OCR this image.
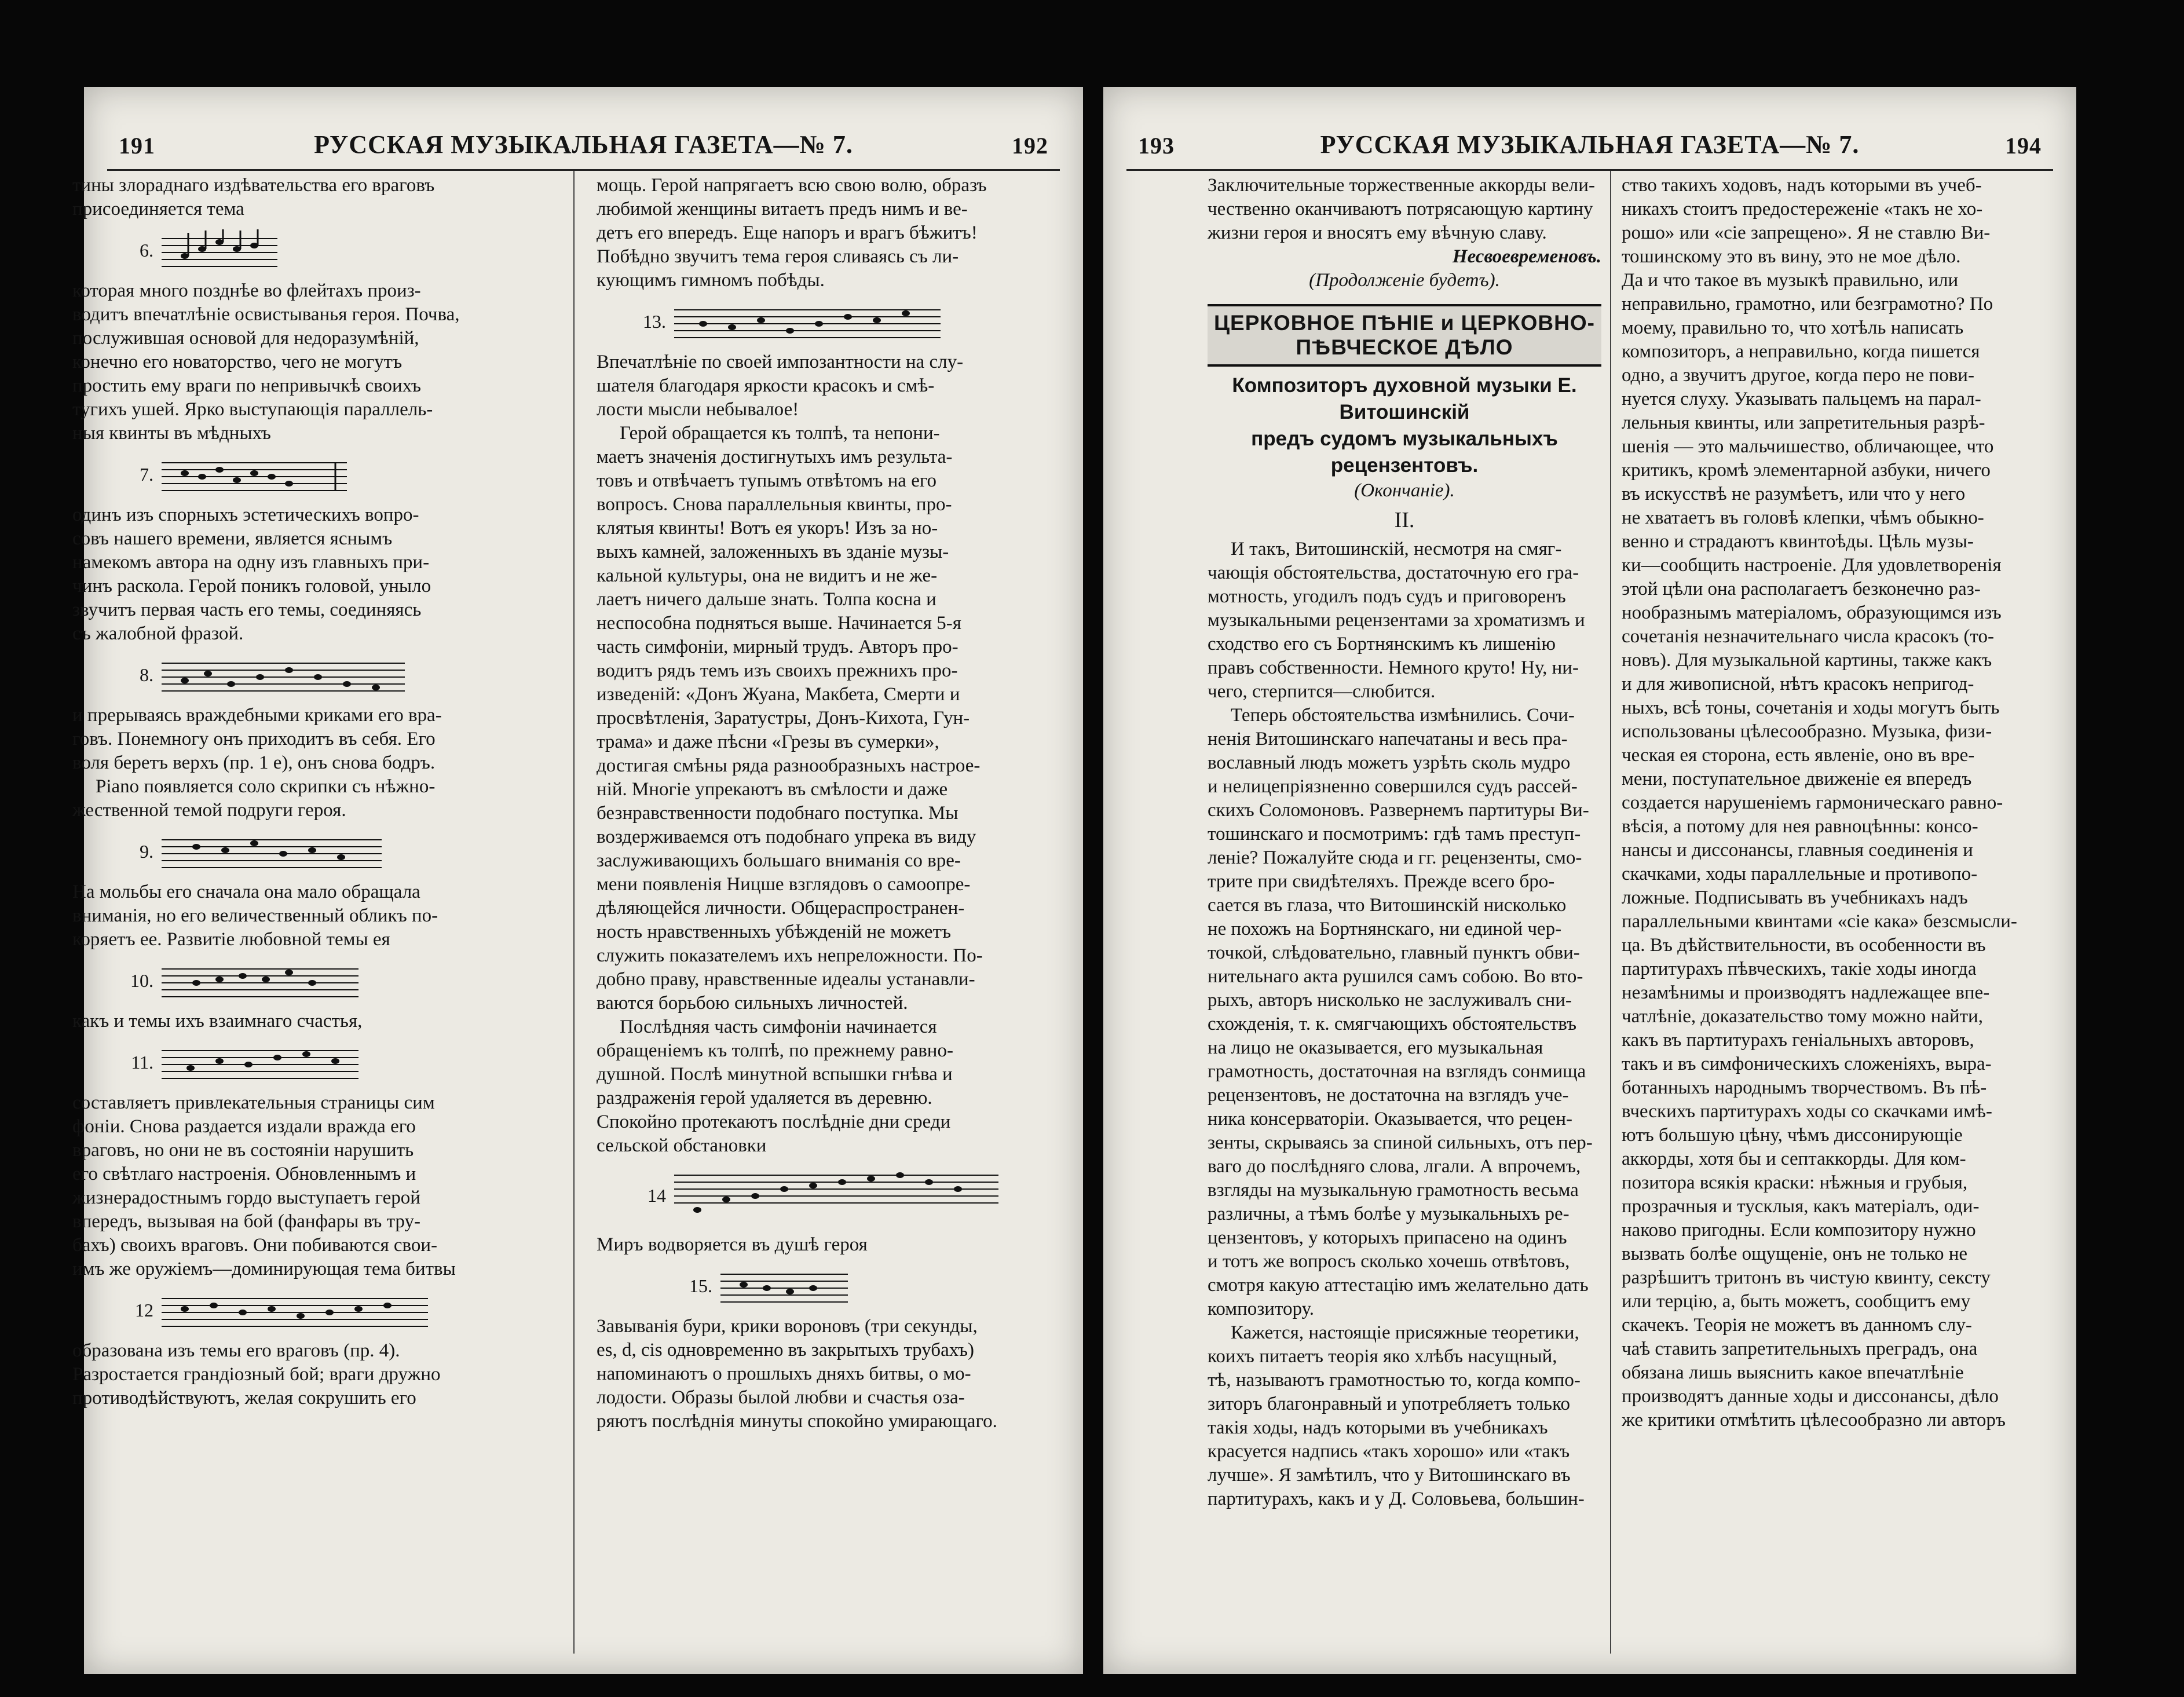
191	РУССКАЯ МУЗЫКАЛЬНАЯ ГАЗЕТА—№ 7.	192
тины злораднаго издѣвательства его враговъ
присоединяется тема
6.
которая много позднѣе во флейтахъ произ-
водитъ впечатлѣніе освистыванья героя. Почва,
послужившая основой для недоразумѣній,
конечно его новаторство, чего не могутъ
простить ему враги по непривычкѣ своихъ
тугихъ ушей. Ярко выступающія параллель-
ныя квинты въ мѣдныхъ
7.
одинъ изъ спорныхъ эстетическихъ вопро-
совъ нашего времени, является яснымъ
намекомъ автора на одну изъ главныхъ при-
чинъ раскола. Герой поникъ головой, уныло
звучитъ первая часть его темы, соединяясь
съ жалобной фразой.
8.
и прерываясь враждебными криками его вра-
говъ. Понемногу онъ приходитъ въ себя. Его
воля беретъ верхъ (пр. 1 е), онъ снова бодръ.
Piano появляется соло скрипки съ нѣжно-
жественной темой подруги героя.
9.
На мольбы его сначала она мало обращала
вниманія, но его величественный обликъ по-
коряетъ ее. Развитіе любовной темы ея
10.
какъ и темы ихъ взаимнаго счастья,
11.
составляетъ привлекательныя страницы сим
фоніи. Снова раздается издали вражда его
враговъ, но они не въ состояніи нарушить
его свѣтлаго настроенія. Обновленнымъ и
жизнерадостнымъ гордо выступаетъ герой
впередъ, вызывая на бой (фанфары въ тру-
бахъ) своихъ враговъ. Они побиваются свои-
имъ же оружіемъ—доминирующая тема битвы
12
образована изъ темы его враговъ (пр. 4).
Разростается грандіозный бой; враги дружно
противодѣйствуютъ, желая сокрушить его
мощь. Герой напрягаетъ всю свою волю, образъ
любимой женщины витаетъ предъ нимъ и ве-
детъ его впередъ. Еще напоръ и врагъ бѣжитъ!
Побѣдно звучитъ тема героя сливаясь съ ли-
кующимъ гимномъ побѣды.
13.
Впечатлѣніе по своей импозантности на слу-
шателя благодаря яркости красокъ и смѣ-
лости мысли небывалое!
Герой обращается къ толпѣ, та непони-
маетъ значенія достигнутыхъ имъ результа-
товъ и отвѣчаетъ тупымъ отвѣтомъ на его
вопросъ. Снова параллельныя квинты, про-
клятыя квинты! Вотъ ея укоръ! Изъ за но-
выхъ камней, заложенныхъ въ зданіе музы-
кальной культуры, она не видитъ и не же-
лаетъ ничего дальше знать. Толпа косна и
неспособна подняться выше. Начинается 5-я
часть симфоніи, мирный трудъ. Авторъ про-
водитъ рядъ темъ изъ своихъ прежнихъ про-
изведеній: «Донъ Жуана, Макбета, Смерти и
просвѣтленія, Заратустры, Донъ-Кихота, Гун-
трама» и даже пѣсни «Грезы въ сумерки»,
достигая смѣны ряда разнообразныхъ настрое-
ній. Многіе упрекаютъ въ смѣлости и даже
безнравственности подобнаго поступка. Мы
воздерживаемся отъ подобнаго упрека въ виду
заслуживающихъ большаго вниманія со вре-
мени появленія Ницше взглядовъ о самоопре-
дѣляющейся личности. Общераспространен-
ность нравственныхъ убѣжденій не можетъ
служить показателемъ ихъ непреложности. По-
добно праву, нравственные идеалы устанавли-
ваются борьбою сильныхъ личностей.
Послѣдняя часть симфоніи начинается
обращеніемъ къ толпѣ, по прежнему равно-
душной. Послѣ минутной вспышки гнѣва и
раздраженія герой удаляется въ деревню.
Спокойно протекаютъ послѣдніе дни среди
сельской обстановки
14
Миръ водворяется въ душѣ героя
15.
Завыванія бури, крики вороновъ (три секунды,
es, d, cis одновременно въ закрытыхъ трубахъ)
напоминаютъ о прошлыхъ дняхъ битвы, о мо-
лодости. Образы былой любви и счастья оза-
ряютъ послѣднія минуты спокойно умирающаго.
193	РУССКАЯ МУЗЫКАЛЬНАЯ ГАЗЕТА—№ 7.	194
Заключительные торжественные аккорды вели-
чественно оканчиваютъ потрясающую картину
жизни героя и вносятъ ему вѣчную славу.
Несвоевременовъ.
(Продолженіе будетъ).
ЦЕРКОВНОЕ ПѢНІЕ и ЦЕРКОВНО-ПѢВЧЕСКОЕ ДѢЛО
Композиторъ духовной музыки Е. Витошинскій
предъ судомъ музыкальныхъ рецензентовъ.
(Окончаніе).
II.
И такъ, Витошинскій, несмотря на смяг-
чающія обстоятельства, достаточную его гра-
мотность, угодилъ подъ судъ и приговоренъ
музыкальными рецензентами за хроматизмъ и
сходство его съ Бортнянскимъ къ лишенію
правъ собственности. Немного круто! Ну, ни-
чего, стерпится—слюбится.
Теперь обстоятельства измѣнились. Сочи-
ненія Витошинскаго напечатаны и весь пра-
вославный людъ можетъ узрѣть сколь мудро
и нелицепріязненно совершился судъ рассей-
скихъ Соломоновъ. Развернемъ партитуры Ви-
тошинскаго и посмотримъ: гдѣ тамъ преступ-
леніе? Пожалуйте сюда и гг. рецензенты, смо-
трите при свидѣтеляхъ. Прежде всего бро-
сается въ глаза, что Витошинскій нисколько
не похожъ на Бортнянскаго, ни единой чер-
точкой, слѣдовательно, главный пунктъ обви-
нительнаго акта рушился самъ собою. Во вто-
рыхъ, авторъ нисколько не заслуживалъ сни-
схожденія, т. к. смягчающихъ обстоятельствъ
на лицо не оказывается, его музыкальная
грамотность, достаточная на взглядъ сонмища
рецензентовъ, не достаточна на взглядъ уче-
ника консерваторіи. Оказывается, что рецен-
зенты, скрываясь за спиной сильныхъ, отъ пер-
ваго до послѣдняго слова, лгали. А впрочемъ,
взгляды на музыкальную грамотность весьма
различны, а тѣмъ болѣе у музыкальныхъ ре-
цензентовъ, у которыхъ припасено на одинъ
и тотъ же вопросъ сколько хочешь отвѣтовъ,
смотря какую аттестацію имъ желательно дать
композитору.
Кажется, настоящіе присяжные теоретики,
коихъ питаетъ теорія яко хлѣбъ насущный,
тѣ, называютъ грамотностью то, когда компо-
зиторъ благонравный и употребляетъ только
такія ходы, надъ которыми въ учебникахъ
красуется надпись «такъ хорошо» или «такъ
лучше». Я замѣтилъ, что у Витошинскаго въ
партитурахъ, какъ и у Д. Соловьева, большин-
ство такихъ ходовъ, надъ которыми въ учеб-
никахъ стоитъ предостереженіе «такъ не хо-
рошо» или «сіе запрещено». Я не ставлю Ви-
тошинскому это въ вину, это не мое дѣло.
Да и что такое въ музыкѣ правильно, или
неправильно, грамотно, или безграмотно? По
моему, правильно то, что хотѣль написать
композиторъ, а неправильно, когда пишется
одно, а звучитъ другое, когда перо не пови-
нуется слуху. Указывать пальцемъ на парал-
лельныя квинты, или запретительныя разрѣ-
шенія — это мальчишество, обличающее, что
критикъ, кромѣ элементарной азбуки, ничего
въ искусствѣ не разумѣетъ, или что у него
не хватаетъ въ головѣ клепки, чѣмъ обыкно-
венно и страдаютъ квинтоѣды. Цѣль музы-
ки—сообщить настроеніе. Для удовлетворенія
этой цѣли она располагаетъ безконечно раз-
нообразнымъ матеріаломъ, образующимся изъ
сочетанія незначительнаго числа красокъ (то-
новъ). Для музыкальной картины, также какъ
и для живописной, нѣтъ красокъ непригод-
ныхъ, всѣ тоны, сочетанія и ходы могутъ быть
использованы цѣлесообразно. Музыка, физи-
ческая ея сторона, есть явленіе, оно въ вре-
мени, поступательное движеніе ея впередъ
создается нарушеніемъ гармоническаго равно-
вѣсія, а потому для нея равноцѣнны: консо-
нансы и диссонансы, главныя соединенія и
скачками, ходы параллельные и противопо-
ложные. Подписывать въ учебникахъ надъ
параллельными квинтами «сіе кака» безсмысли-
ца. Въ дѣйствительности, въ особенности въ
партитурахъ пѣвческихъ, такіе ходы иногда
незамѣнимы и производятъ надлежащее впе-
чатлѣніе, доказательство тому можно найти,
какъ въ партитурахъ геніальныхъ авторовъ,
такъ и въ симфоническихъ сложеніяхъ, выра-
ботанныхъ народнымъ творчествомъ. Въ пѣ-
вческихъ партитурахъ ходы со скачками имѣ-
ютъ большую цѣну, чѣмъ диссонирующіе
аккорды, хотя бы и септаккорды. Для ком-
позитора всякія краски: нѣжныя и грубыя,
прозрачныя и тусклыя, какъ матеріалъ, оди-
наково пригодны. Если композитору нужно
вызвать болѣе ощущеніе, онъ не только не
разрѣшитъ тритонъ въ чистую квинту, сексту
или терцію, а, быть можетъ, сообщитъ ему
скачекъ. Теорія не можетъ въ данномъ слу-
чаѣ ставить запретительныхъ преградъ, она
обязана лишь выяснить какое впечатлѣніе
производятъ данные ходы и диссонансы, дѣло
же критики отмѣтить цѣлесообразно ли авторъ
